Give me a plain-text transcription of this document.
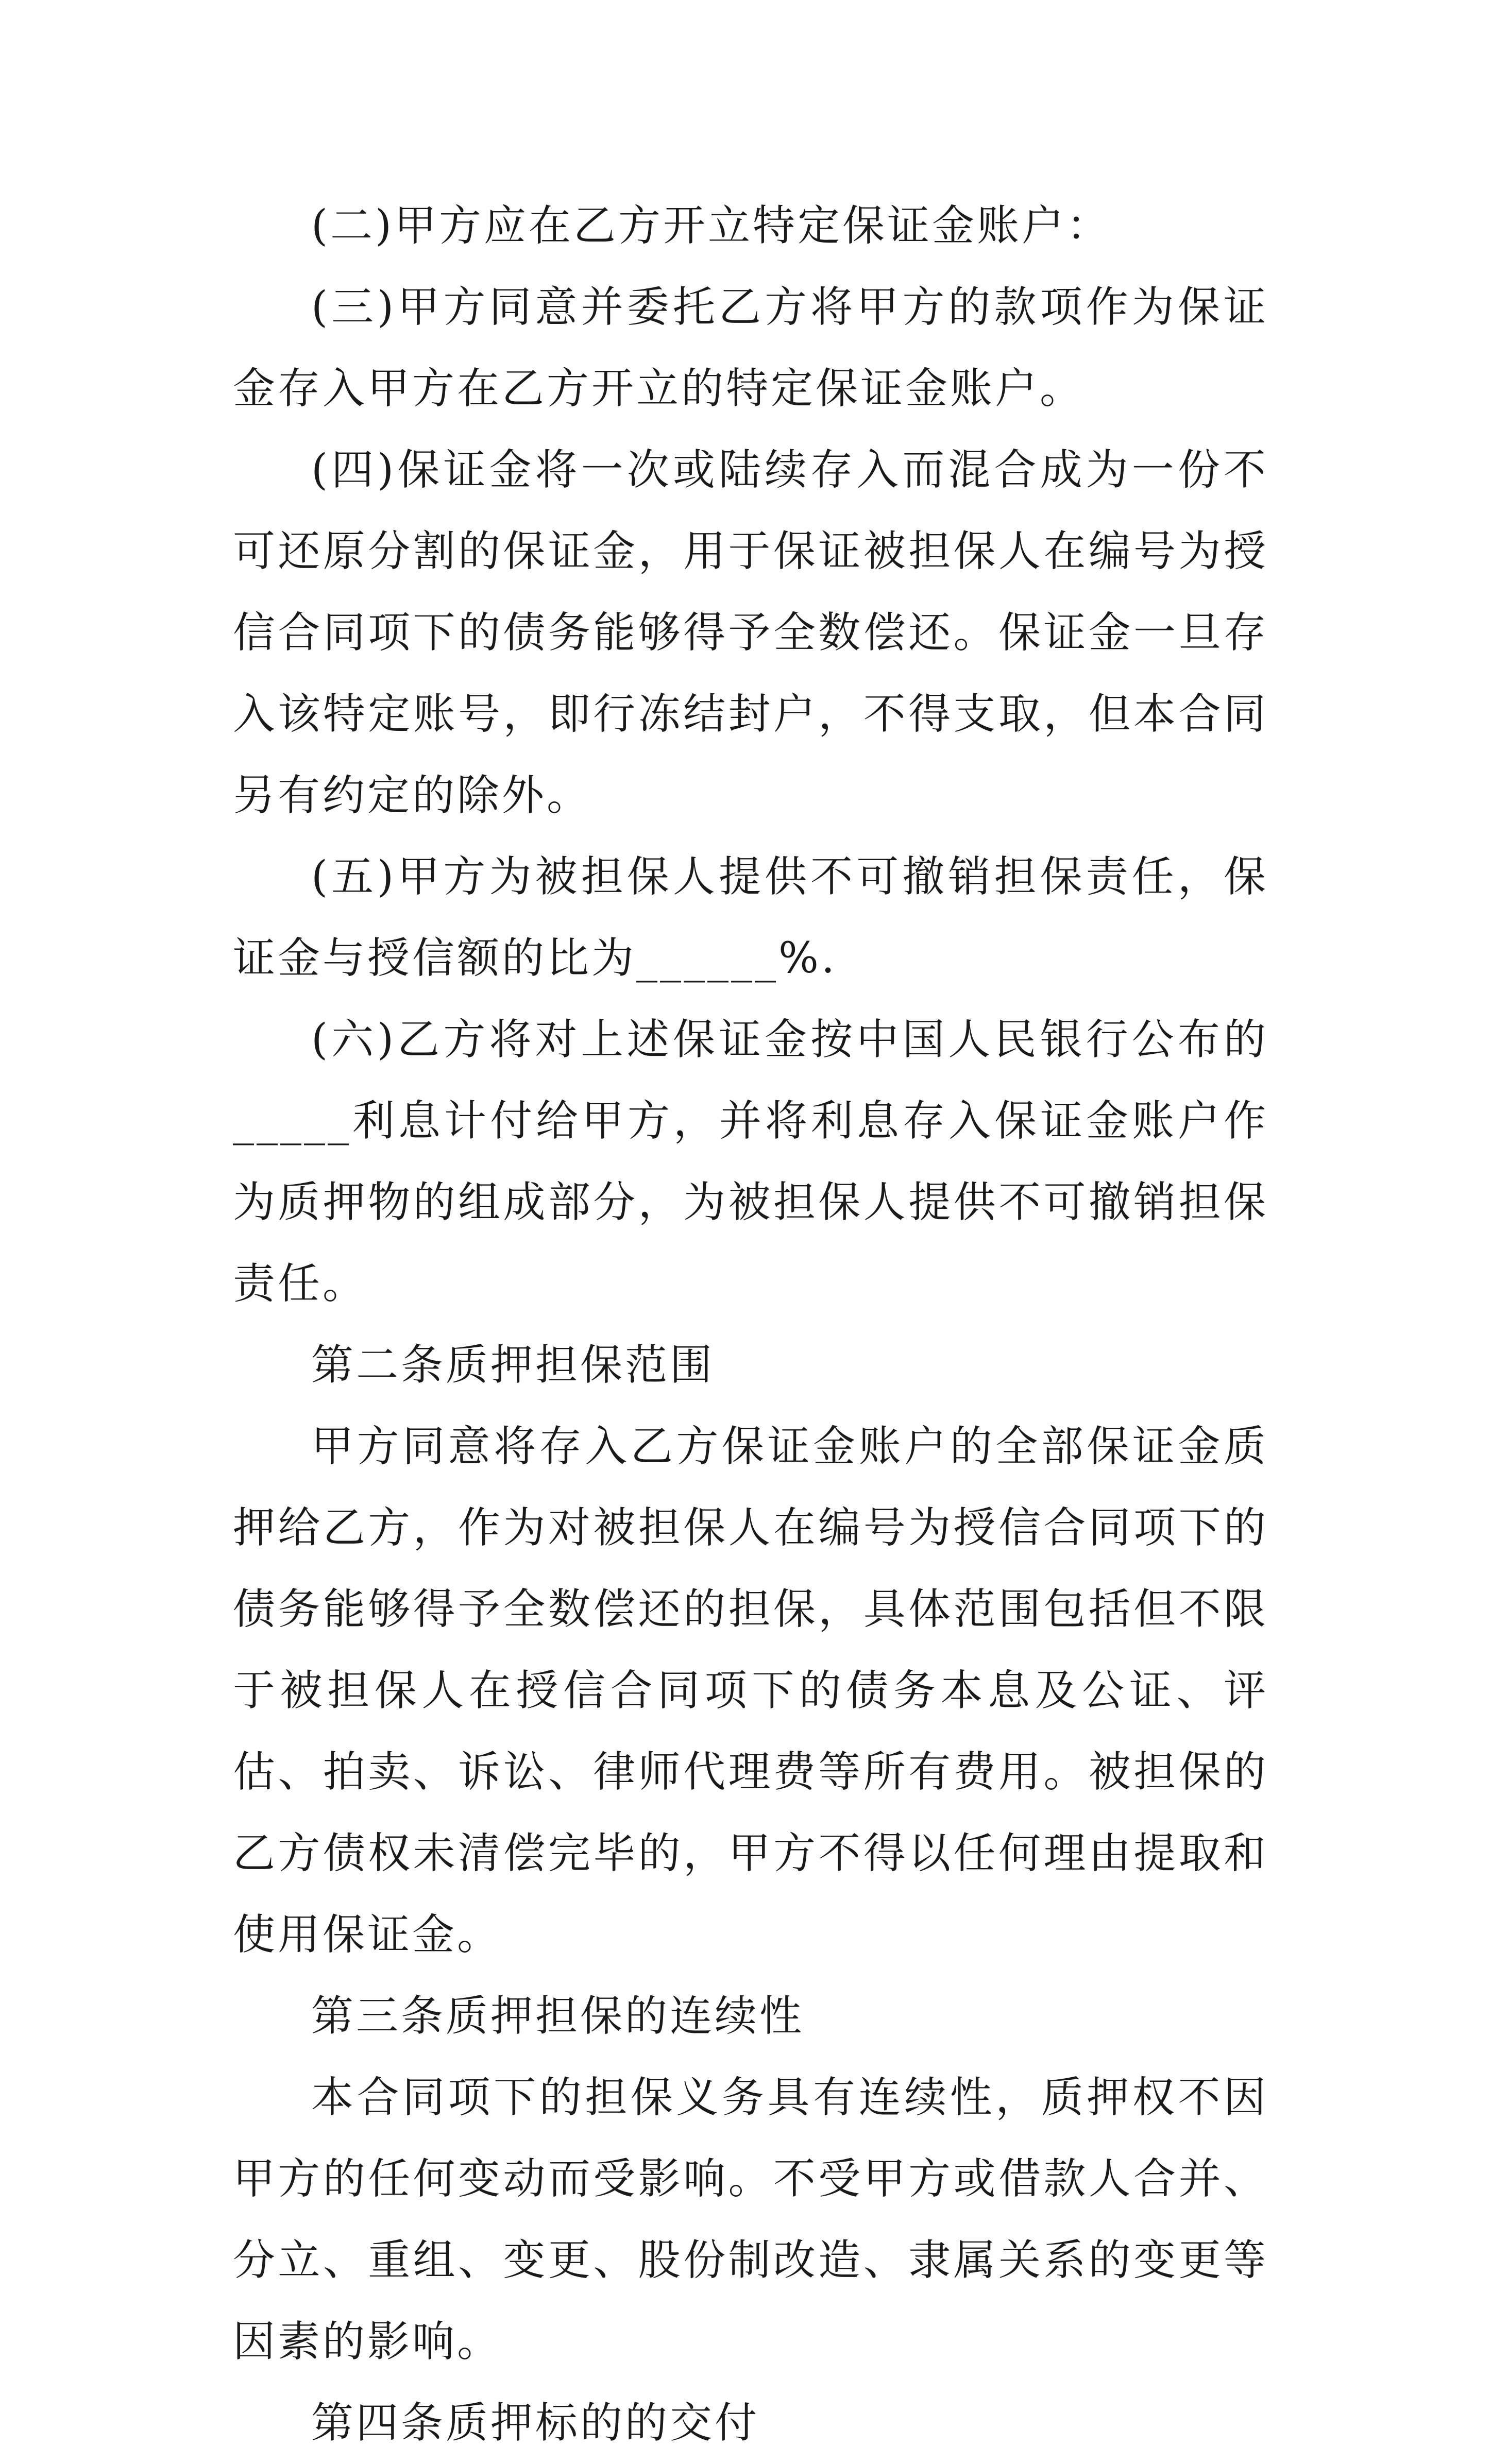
(二)甲方应在乙方开立特定保证金账户：

(三)甲方同意并委托乙方将甲方的款项作为保证金存入甲方在乙方开立的特定保证金账户。

(四)保证金将一次或陆续存入而混合成为一份不可还原分割的保证金，用于保证被担保人在编号为授信合同项下的债务能够得予全数偿还。保证金一旦存入该特定账号，即行冻结封户，不得支取，但本合同另有约定的除外。

(五)甲方为被担保人提供不可撤销担保责任，保证金与授信额的比为______%.

(六)乙方将对上述保证金按中国人民银行公布的_____利息计付给甲方，并将利息存入保证金账户作为质押物的组成部分，为被担保人提供不可撤销担保责任。

第二条质押担保范围

甲方同意将存入乙方保证金账户的全部保证金质押给乙方，作为对被担保人在编号为授信合同项下的债务能够得予全数偿还的担保，具体范围包括但不限于被担保人在授信合同项下的债务本息及公证、评估、拍卖、诉讼、律师代理费等所有费用。被担保的乙方债权未清偿完毕的，甲方不得以任何理由提取和使用保证金。

第三条质押担保的连续性

本合同项下的担保义务具有连续性，质押权不因甲方的任何变动而受影响。不受甲方或借款人合并、分立、重组、变更、股份制改造、隶属关系的变更等因素的影响。

第四条质押标的的交付
